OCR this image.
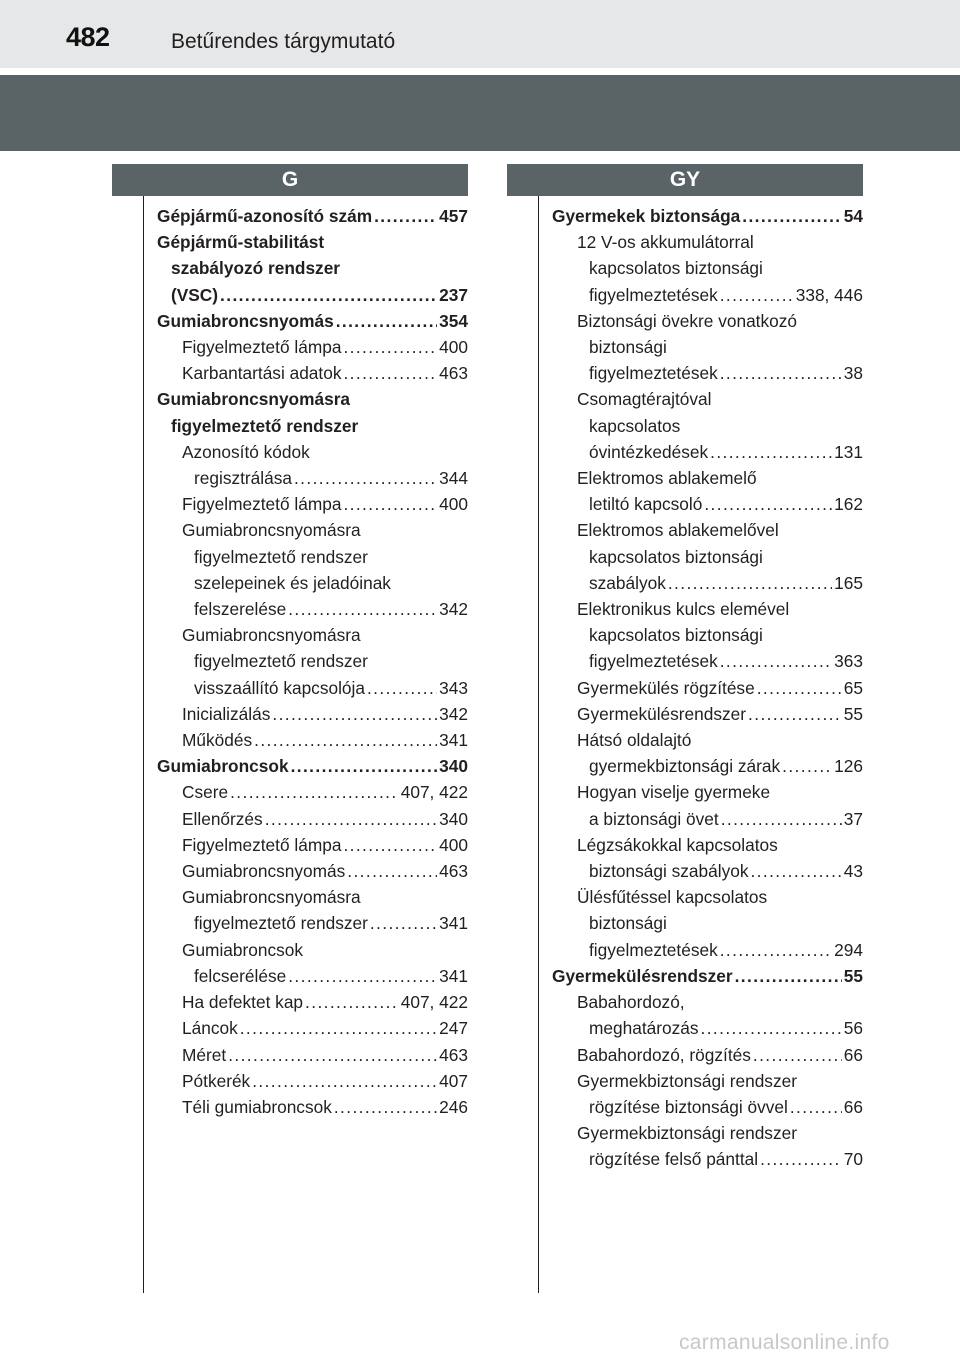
482	Betűrendes tárgymutató
G	GY
Gépjármű-azonosító szám .....	457
Gépjármű-stabilitást
szabályozó rendszer
(VSC) .....	237
Gumiabroncsnyomás .....	354
Figyelmeztető lámpa .....	400
Karbantartási adatok .....	463
Gumiabroncsnyomásra
figyelmeztető rendszer
Azonosító kódok
regisztrálása .....	344
Figyelmeztető lámpa .....	400
Gumiabroncsnyomásra
figyelmeztető rendszer
szelepeinek és jeladóinak
felszerelése .....	342
Gumiabroncsnyomásra
figyelmeztető rendszer
visszaállító kapcsolója .....	343
Inicializálás .....	342
Működés .....	341
Gumiabroncsok .....	340
Csere .....	407, 422
Ellenőrzés .....	340
Figyelmeztető lámpa .....	400
Gumiabroncsnyomás .....	463
Gumiabroncsnyomásra
figyelmeztető rendszer .....	341
Gumiabroncsok
felcserélése .....	341
Ha defektet kap .....	407, 422
Láncok .....	247
Méret .....	463
Pótkerék .....	407
Téli gumiabroncsok .....	246
Gyermekek biztonsága .....	54
12 V-os akkumulátorral
kapcsolatos biztonsági
figyelmeztetések .....	338, 446
Biztonsági övekre vonatkozó
biztonsági
figyelmeztetések .....	38
Csomagtérajtóval
kapcsolatos
óvintézkedések .....	131
Elektromos ablakemelő
letiltó kapcsoló .....	162
Elektromos ablakemelővel
kapcsolatos biztonsági
szabályok .....	165
Elektronikus kulcs elemével
kapcsolatos biztonsági
figyelmeztetések .....	363
Gyermekülés rögzítése .....	65
Gyermekülésrendszer .....	55
Hátsó oldalajtó
gyermekbiztonsági zárak .....	126
Hogyan viselje gyermeke
a biztonsági övet .....	37
Légzsákokkal kapcsolatos
biztonsági szabályok .....	43
Ülésfűtéssel kapcsolatos
biztonsági
figyelmeztetések .....	294
Gyermekülésrendszer .....	55
Babahordozó,
meghatározás .....	56
Babahordozó, rögzítés .....	66
Gyermekbiztonsági rendszer
rögzítése biztonsági övvel .....	66
Gyermekbiztonsági rendszer
rögzítése felső pánttal .....	70
carmanualsonline.info
